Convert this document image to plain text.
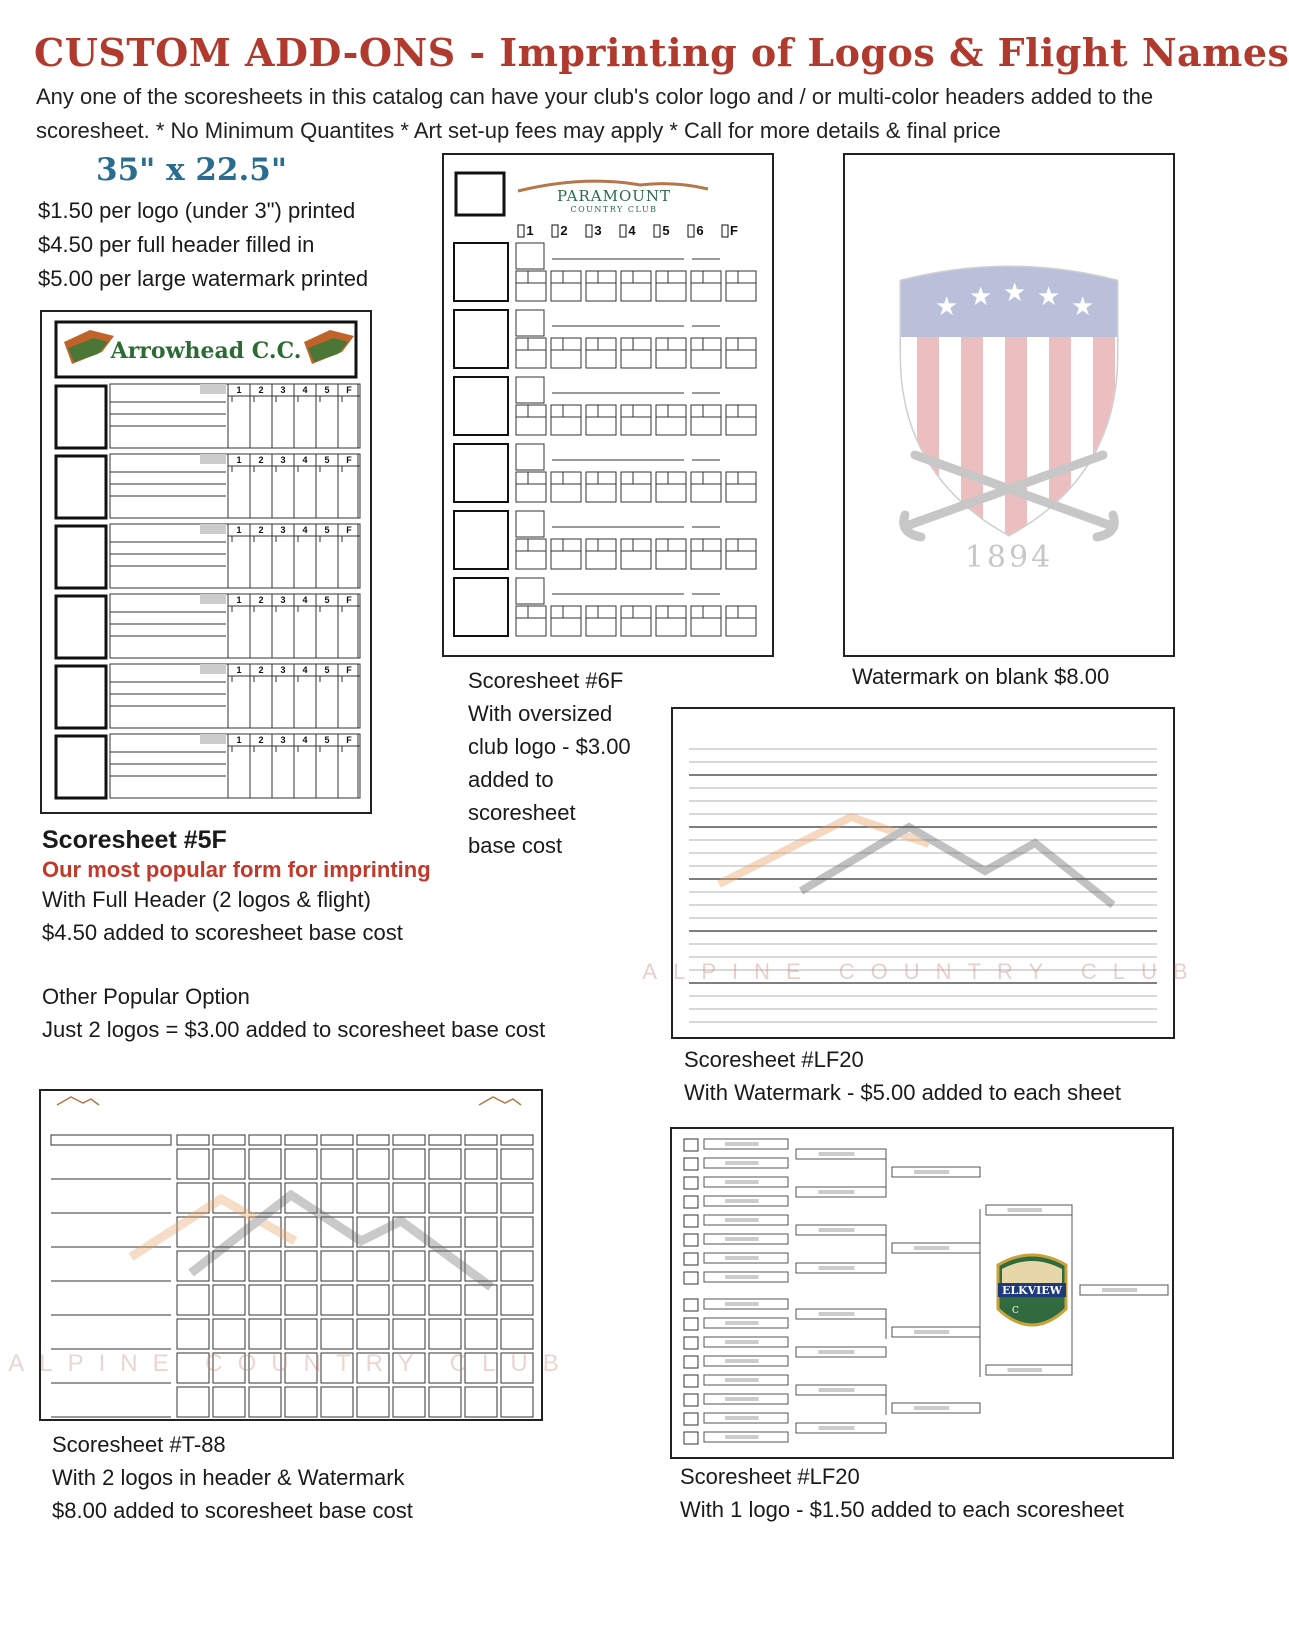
CUSTOM ADD-ONS - Imprinting of Logos & Flight Names
Any one of the scoresheets in this catalog can have your club's color logo and / or multi-color headers added to the scoresheet. * No Minimum Quantites * Art set-up fees may apply * Call for more details & final price
35" x 22.5"
$1.50 per logo (under 3") printed
$4.50 per full header filled in
$5.00 per large watermark printed
Arrowhead C.C.
1 2 3 4 5 F
1 2 3 4 5 F
1 2 3 4 5 F
1 2 3 4 5 F
1 2 3 4 5 F
1 2 3 4 5 F
Scoresheet #5F
Our most popular form for imprinting
With Full Header (2 logos & flight)
$4.50 added to scoresheet base cost
Other Popular Option
Just 2 logos = $3.00 added to scoresheet base cost
PARAMOUNT
COUNTRY CLUB
1 2 3 4 5 6 F
Scoresheet #6F
With oversized
club logo - $3.00
added to
scoresheet
base cost
★ ★ ★ ★ ★
1894
Watermark on blank $8.00
ALPINE COUNTRY CLUB
Scoresheet #LF20
With Watermark - $5.00 added to each sheet
ALPINE COUNTRY CLUB
Scoresheet #T-88
With 2 logos in header & Watermark
$8.00 added to scoresheet base cost
ELKVIEW
C
Scoresheet #LF20
With 1 logo - $1.50 added to each scoresheet
